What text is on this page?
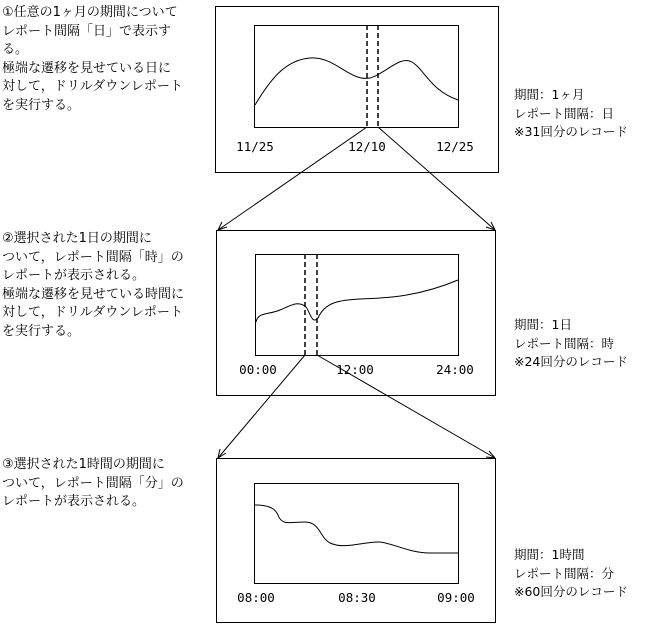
①任意の1ヶ月の期間について
レポート間隔「日」で表示す
る。
極端な遷移を見せている日に
対して，ドリルダウンレポート
を実行する。
②選択された1日の期間に
ついて，レポート間隔「時」の
レポートが表示される。
極端な遷移を見せている時間に
対して，ドリルダウンレポート
を実行する。
③選択された1時間の期間に
ついて，レポート間隔「分」の
レポートが表示される。
期間：1ヶ月
レポート間隔：日
※31回分のレコード
期間：1日
レポート間隔：時
※24回分のレコード
期間：1時間
レポート間隔：分
※60回分のレコード
11/25	12/10	12/25
00:00	12:00	24:00
08:00	08:30	09:00
